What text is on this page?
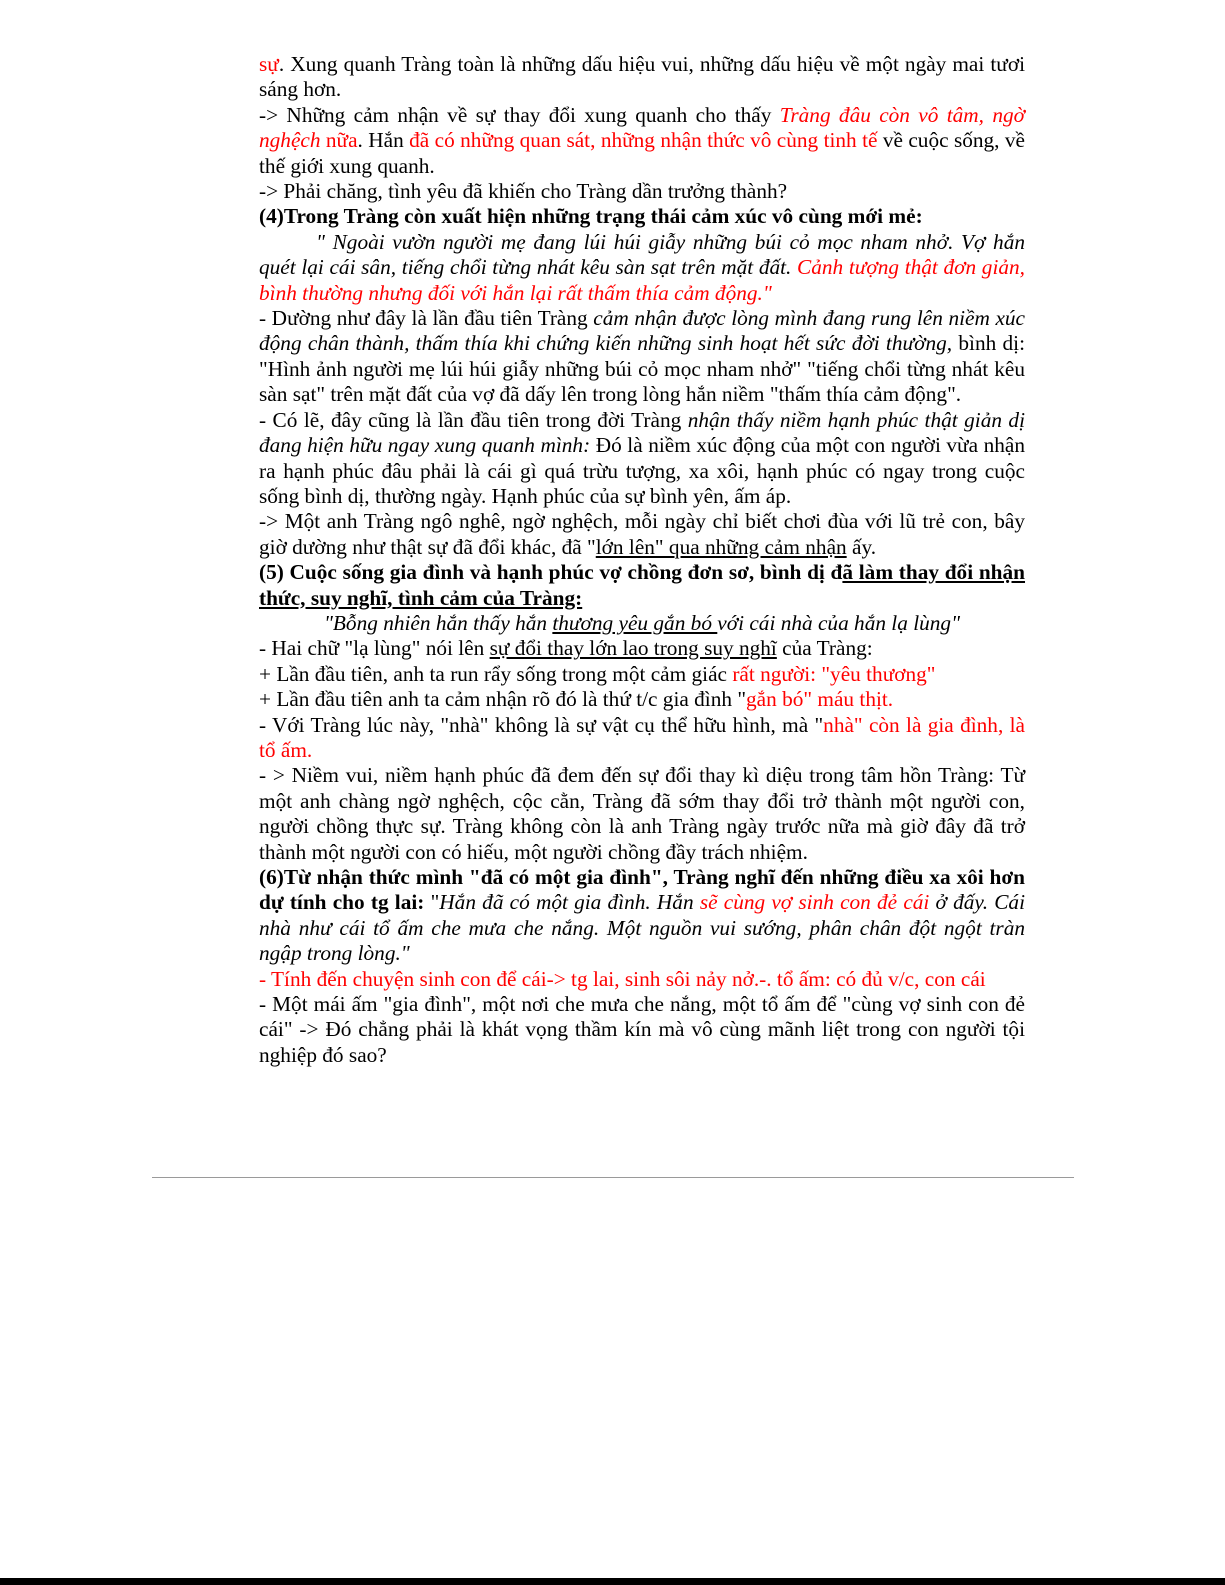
sự. Xung quanh Tràng toàn là những dấu hiệu vui, những dấu hiệu về một ngày mai tươi sáng hơn.

-> Những cảm nhận về sự thay đổi xung quanh cho thấy Tràng đâu còn vô tâm, ngờ nghệch nữa. Hắn đã có những quan sát, những nhận thức vô cùng tinh tế về cuộc sống, về thế giới xung quanh.

-> Phải chăng, tình yêu đã khiến cho Tràng dần trưởng thành?

(4)Trong Tràng còn xuất hiện những trạng thái cảm xúc vô cùng mới mẻ:

" Ngoài vườn người mẹ đang lúi húi giẫy những búi cỏ mọc nham nhở. Vợ hắn quét lại cái sân, tiếng chổi từng nhát kêu sàn sạt trên mặt đất. Cảnh tượng thật đơn giản, bình thường nhưng đối với hắn lại rất thấm thía cảm động."

- Dường như đây là lần đầu tiên Tràng cảm nhận được lòng mình đang rung lên niềm xúc động chân thành, thấm thía khi chứng kiến những sinh hoạt hết sức đời thường, bình dị: "Hình ảnh người mẹ lúi húi giẫy những búi cỏ mọc nham nhở" "tiếng chổi từng nhát kêu sàn sạt" trên mặt đất của vợ đã dấy lên trong lòng hắn niềm "thấm thía cảm động".

- Có lẽ, đây cũng là lần đầu tiên trong đời Tràng nhận thấy niềm hạnh phúc thật giản dị đang hiện hữu ngay xung quanh mình: Đó là niềm xúc động của một con người vừa nhận ra hạnh phúc đâu phải là cái gì quá trừu tượng, xa xôi, hạnh phúc có ngay trong cuộc sống bình dị, thường ngày. Hạnh phúc của sự bình yên, ấm áp.

-> Một anh Tràng ngô nghê, ngờ nghệch, mỗi ngày chỉ biết chơi đùa với lũ trẻ con, bây giờ dường như thật sự đã đổi khác, đã "lớn lên" qua những cảm nhận ấy.

(5) Cuộc sống gia đình và hạnh phúc vợ chồng đơn sơ, bình dị đã làm thay đổi nhận thức, suy nghĩ, tình cảm của Tràng:

"Bỗng nhiên hắn thấy hắn thương yêu gắn bó với cái nhà của hắn lạ lùng"

- Hai chữ "lạ lùng" nói lên sự đổi thay lớn lao trong suy nghĩ của Tràng:

+ Lần đầu tiên, anh ta run rẩy sống trong một cảm giác rất người: "yêu thương"

+ Lần đầu tiên anh ta cảm nhận rõ đó là thứ t/c gia đình "gắn bó" máu thịt.

- Với Tràng lúc này, "nhà" không là sự vật cụ thể hữu hình, mà "nhà" còn là gia đình, là tổ ấm.

- > Niềm vui, niềm hạnh phúc đã đem đến sự đổi thay kì diệu trong tâm hồn Tràng: Từ một anh chàng ngờ nghệch, cộc cằn, Tràng đã sớm thay đổi trở thành một người con, người chồng thực sự. Tràng không còn là anh Tràng ngày trước nữa mà giờ đây đã trở thành một người con có hiếu, một người chồng đầy trách nhiệm.

(6)Từ nhận thức mình "đã có một gia đình", Tràng nghĩ đến những điều xa xôi hơn dự tính cho tg lai: "Hắn đã có một gia đình. Hắn sẽ cùng vợ sinh con đẻ cái ở đấy. Cái nhà như cái tổ ấm che mưa che nắng. Một nguồn vui sướng, phân chân đột ngột tràn ngập trong lòng."

- Tính đến chuyện sinh con để cái-> tg lai, sinh sôi nảy nở.-. tổ ấm: có đủ v/c, con cái

- Một mái ấm "gia đình", một nơi che mưa che nắng, một tổ ấm để "cùng vợ sinh con đẻ cái" -> Đó chẳng phải là khát vọng thầm kín mà vô cùng mãnh liệt trong con người tội nghiệp đó sao?
